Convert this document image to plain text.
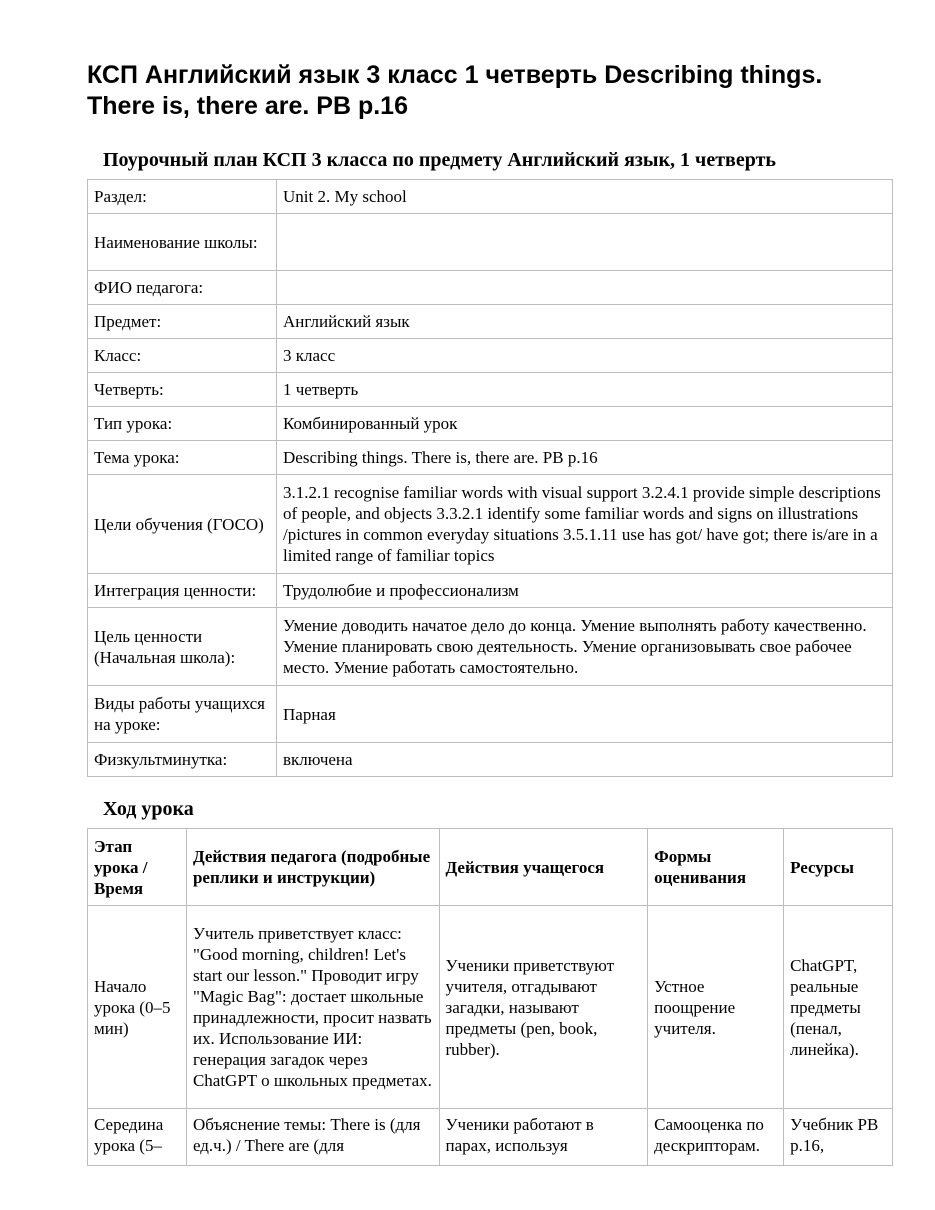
КСП Английский язык 3 класс 1 четверть Describing things. There is, there are. PB p.16
Поурочный план КСП 3 класса по предмету Английский язык, 1 четверть
Раздел:	Unit 2. My school
Наименование школы:	
ФИО педагога:	
Предмет:	Английский язык
Класс:	3 класс
Четверть:	1 четверть
Тип урока:	Комбинированный урок
Тема урока:	Describing things. There is, there are. PB p.16
Цели обучения (ГОСО)	3.1.2.1 recognise familiar words with visual support 3.2.4.1 provide simple descriptions of people, and objects 3.3.2.1 identify some familiar words and signs on illustrations /pictures in common everyday situations 3.5.1.11 use has got/ have got; there is/are in a limited range of familiar topics
Интеграция ценности:	Трудолюбие и профессионализм
Цель ценности (Начальная школа):	Умение доводить начатое дело до конца. Умение выполнять работу качественно. Умение планировать свою деятельность. Умение организовывать свое рабочее место. Умение работать самостоятельно.
Виды работы учащихся на уроке:	Парная
Физкультминутка:	включена
Ход урока
Этап урока / Время	Действия педагога (подробные реплики и инструкции)	Действия учащегося	Формы оценивания	Ресурсы
Начало урока (0–5 мин)	Учитель приветствует класс: "Good morning, children! Let's start our lesson." Проводит игру "Magic Bag": достает школьные принадлежности, просит назвать их. Использование ИИ: генерация загадок через ChatGPT о школьных предметах.	Ученики приветствуют учителя, отгадывают загадки, называют предметы (pen, book, rubber).	Устное поощрение учителя.	ChatGPT, реальные предметы (пенал, линейка).
Середина урока (5–	Объяснение темы: There is (для ед.ч.) / There are (для	Ученики работают в парах, используя	Самооценка по дескрипторам.	Учебник PB p.16,
